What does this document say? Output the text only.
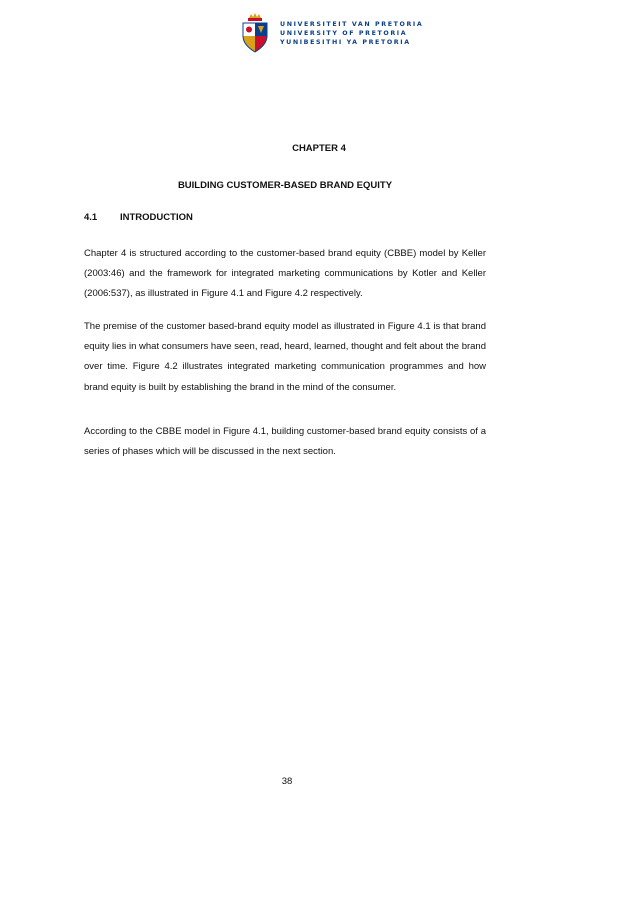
UNIVERSITEIT VAN PRETORIA
UNIVERSITY OF PRETORIA
YUNIBESITHI YA PRETORIA
CHAPTER 4
BUILDING CUSTOMER-BASED BRAND EQUITY
4.1 INTRODUCTION
Chapter 4 is structured according to the customer-based brand equity (CBBE) model by Keller (2003:46) and the framework for integrated marketing communications by Kotler and Keller (2006:537), as illustrated in Figure 4.1 and Figure 4.2 respectively.
The premise of the customer based-brand equity model as illustrated in Figure 4.1 is that brand equity lies in what consumers have seen, read, heard, learned, thought and felt about the brand over time. Figure 4.2 illustrates integrated marketing communication programmes and how brand equity is built by establishing the brand in the mind of the consumer.
According to the CBBE model in Figure 4.1, building customer-based brand equity consists of a series of phases which will be discussed in the next section.
38
